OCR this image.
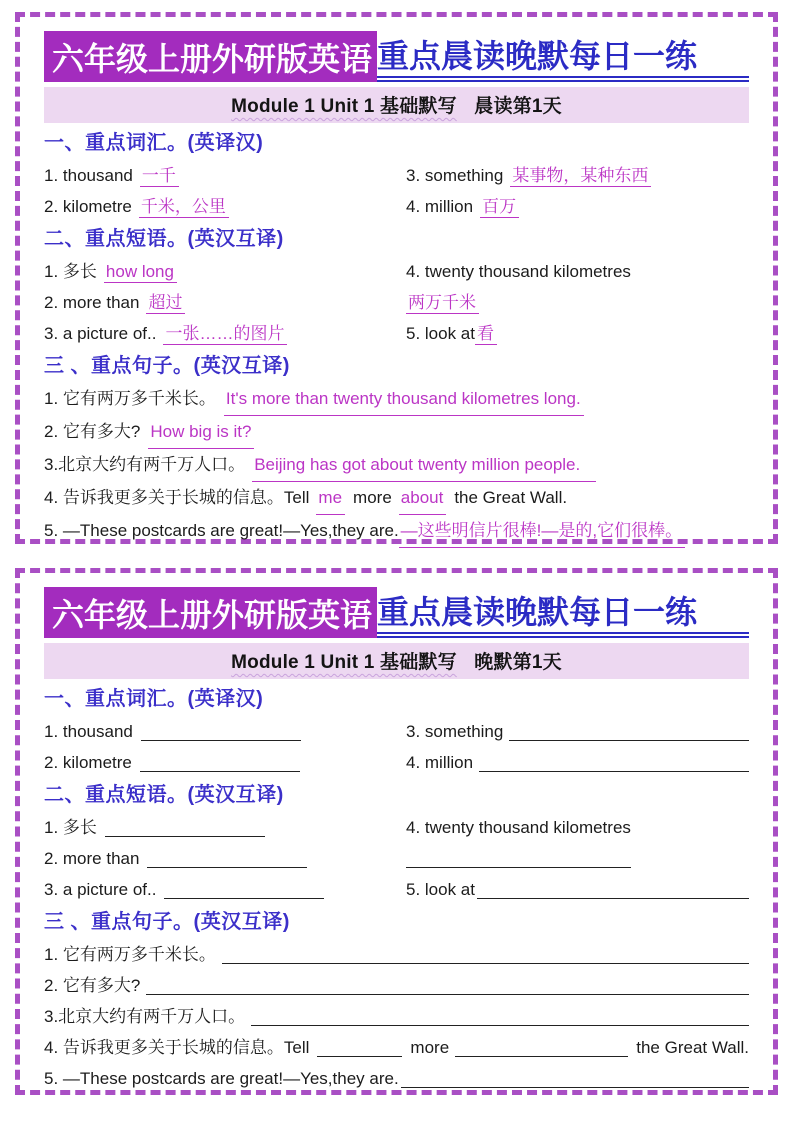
六年级上册外研版英语 重点晨读晚默每日一练
Module 1 Unit 1 基础默写 晨读第1天
一、重点词汇。(英译汉)
1. thousand 一千
2. kilometre 千米，公里
3. something 某事物，某种东西
4. million 百万
二、重点短语。(英汉互译)
1. 多长 how long
2. more than 超过
3. a picture of.. 一张……的图片
4. twenty thousand kilometres
两万千米
5. look at 看
三 、重点句子。(英汉互译)
1. 它有两万多千米长。 It's more than twenty thousand kilometres long.
2. 它有多大? How big is it?
3.北京大约有两千万人口。 Beijing has got about twenty million people.
4. 告诉我更多关于长城的信息。Tell me more about the Great Wall.
5. —These postcards are great!—Yes,they are. —这些明信片很棒!—是的,它们很棒。
六年级上册外研版英语 重点晨读晚默每日一练
Module 1 Unit 1 基础默写 晚默第1天
一、重点词汇。(英译汉)
1. thousand
2. kilometre
3. something
4. million
二、重点短语。(英汉互译)
1. 多长
2. more than
3. a picture of..
4. twenty thousand kilometres
5. look at
三 、重点句子。(英汉互译)
1. 它有两万多千米长。
2. 它有多大?
3.北京大约有两千万人口。
4. 告诉我更多关于长城的信息。Tell	more	the Great Wall.
5. —These postcards are great!—Yes,they are.
